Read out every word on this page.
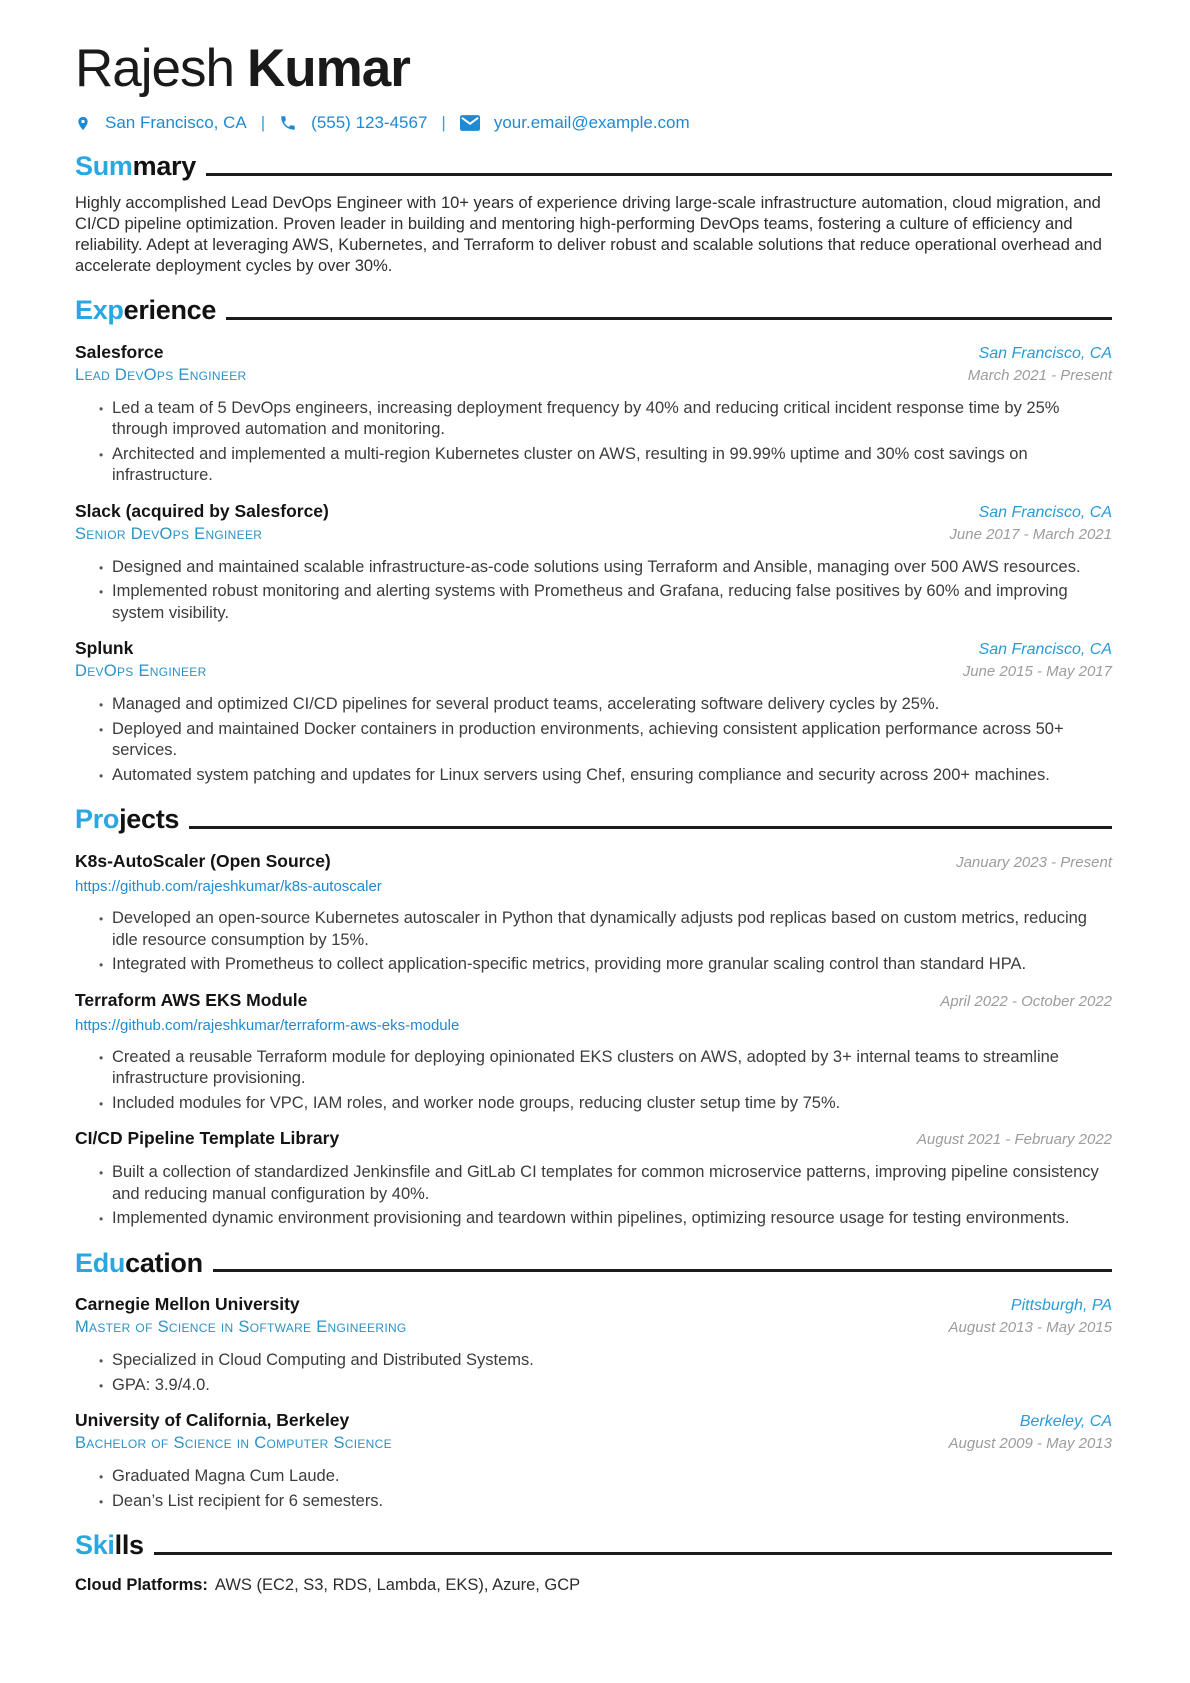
Rajesh Kumar
San Francisco, CA |	(555) 123-4567 |	your.email@example.com
Summary

Highly accomplished Lead DevOps Engineer with 10+ years of experience driving large-scale infrastructure automation, cloud migration, and CI/CD pipeline optimization. Proven leader in building and mentoring high-performing DevOps teams, fostering a culture of efficiency and reliability. Adept at leveraging AWS, Kubernetes, and Terraform to deliver robust and scalable solutions that reduce operational overhead and accelerate deployment cycles by over 30%.

Experience
Salesforce	San Francisco, CA
Lead DevOps Engineer	March 2021 - Present
• Led a team of 5 DevOps engineers, increasing deployment frequency by 40% and reducing critical incident response time by 25% through improved automation and monitoring.
• Architected and implemented a multi-region Kubernetes cluster on AWS, resulting in 99.99% uptime and 30% cost savings on infrastructure.
Slack (acquired by Salesforce)	San Francisco, CA
Senior DevOps Engineer	June 2017 - March 2021
• Designed and maintained scalable infrastructure-as-code solutions using Terraform and Ansible, managing over 500 AWS resources.
• Implemented robust monitoring and alerting systems with Prometheus and Grafana, reducing false positives by 60% and improving system visibility.
Splunk	San Francisco, CA
DevOps Engineer	June 2015 - May 2017
• Managed and optimized CI/CD pipelines for several product teams, accelerating software delivery cycles by 25%.
• Deployed and maintained Docker containers in production environments, achieving consistent application performance across 50+ services.
• Automated system patching and updates for Linux servers using Chef, ensuring compliance and security across 200+ machines.
Projects
K8s-AutoScaler (Open Source)	January 2023 - Present
https://github.com/rajeshkumar/k8s-autoscaler
• Developed an open-source Kubernetes autoscaler in Python that dynamically adjusts pod replicas based on custom metrics, reducing idle resource consumption by 15%.
• Integrated with Prometheus to collect application-specific metrics, providing more granular scaling control than standard HPA.
Terraform AWS EKS Module	April 2022 - October 2022
https://github.com/rajeshkumar/terraform-aws-eks-module
• Created a reusable Terraform module for deploying opinionated EKS clusters on AWS, adopted by 3+ internal teams to streamline infrastructure provisioning.
• Included modules for VPC, IAM roles, and worker node groups, reducing cluster setup time by 75%.
CI/CD Pipeline Template Library	August 2021 - February 2022
• Built a collection of standardized Jenkinsfile and GitLab CI templates for common microservice patterns, improving pipeline consistency and reducing manual configuration by 40%.
• Implemented dynamic environment provisioning and teardown within pipelines, optimizing resource usage for testing environments.
Education
Carnegie Mellon University	Pittsburgh, PA
Master of Science in Software Engineering	August 2013 - May 2015
• Specialized in Cloud Computing and Distributed Systems.
• GPA: 3.9/4.0.
University of California, Berkeley	Berkeley, CA
Bachelor of Science in Computer Science	August 2009 - May 2013
• Graduated Magna Cum Laude.
• Dean’s List recipient for 6 semesters.
Skills
Cloud Platforms: AWS (EC2, S3, RDS, Lambda, EKS), Azure, GCP
